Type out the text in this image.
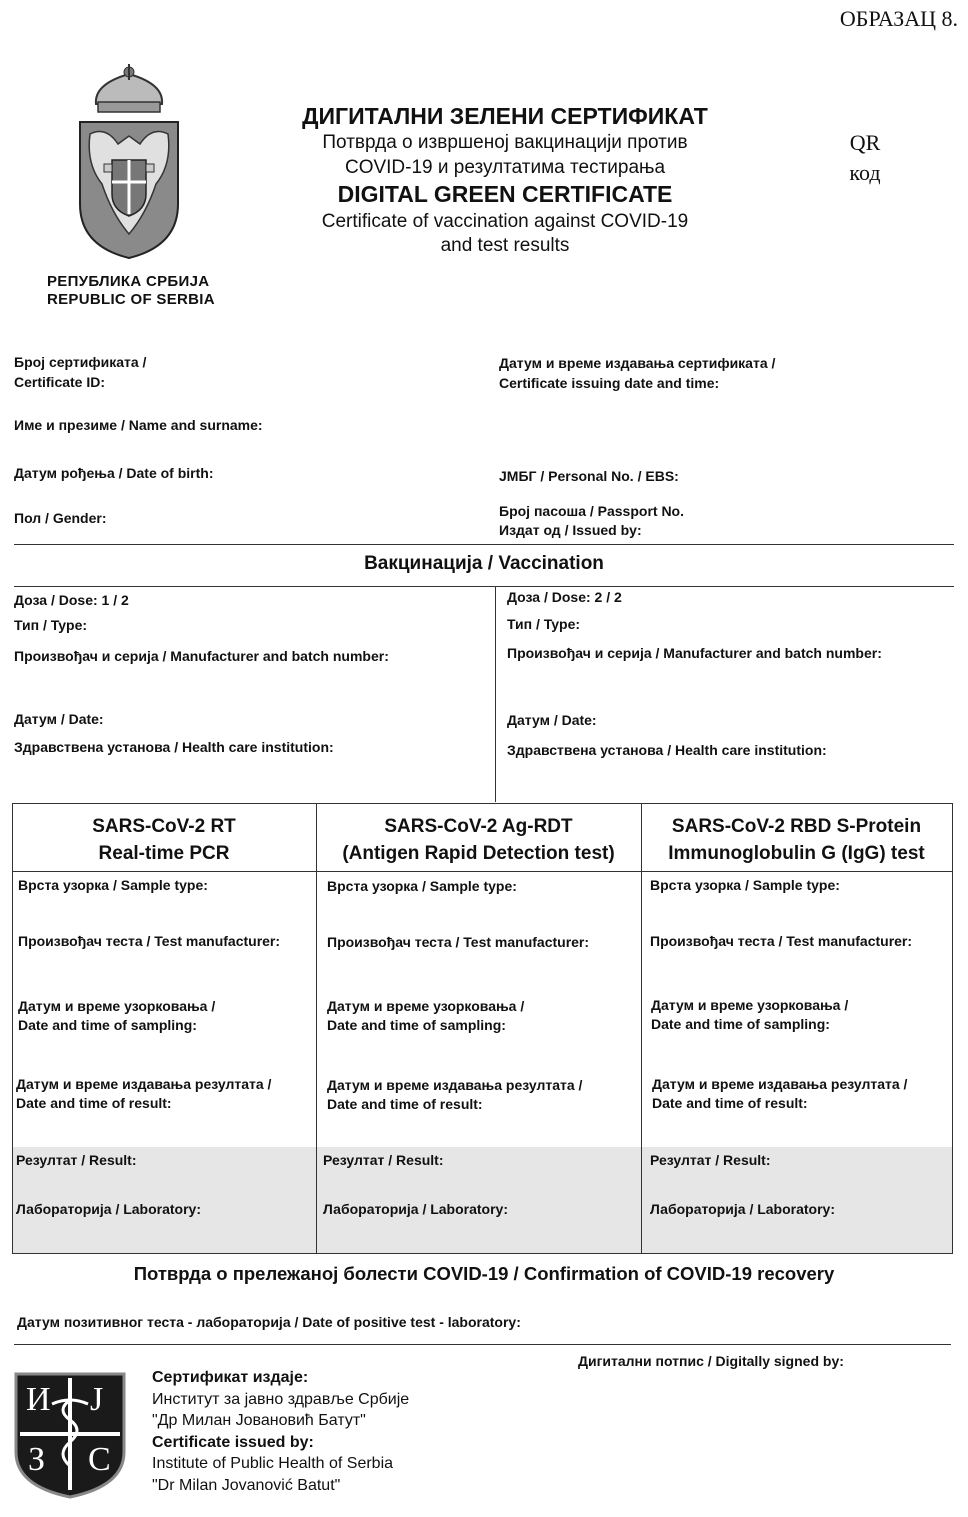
ОБРАЗАЦ 8.
РЕПУБЛИКА СРБИЈА
REPUBLIC OF SERBIA
ДИГИТАЛНИ ЗЕЛЕНИ СЕРТИФИКАТ
Потврда о извршеној вакцинацији против
COVID-19 и резултатима тестирања
DIGITAL GREEN CERTIFICATE
Certificate of vaccination against COVID-19
and test results
QR
код
Број сертификата /
Certificate ID:
Датум и време издавања сертификата /
Certificate issuing date and time:
Име и презиме / Name and surname:
Датум рођења / Date of birth:	ЈМБГ / Personal No. / EBS:
Пол / Gender:	Број пасоша / Passport No.
Издат од / Issued by:
Вакцинација / Vaccination
Доза / Dose: 1 / 2
Тип / Type:
Произвођач и серија / Manufacturer and batch number:
Датум / Date:
Здравствена установа / Health care institution:
Доза / Dose: 2 / 2
Тип / Type:
Произвођач и серија / Manufacturer and batch number:
Датум / Date:
Здравствена установа / Health care institution:
SARS-CoV-2 RT
Real-time PCR
SARS-CoV-2 Ag-RDT
(Antigen Rapid Detection test)
SARS-CoV-2 RBD S-Protein
Immunoglobulin G (IgG) test
Врста узорка / Sample type:
Произвођач теста / Test manufacturer:
Датум и време узорковања /
Date and time of sampling:
Датум и време издавања резултата /
Date and time of result:
Резултат / Result:
Лабораторија / Laboratory:
Врста узорка / Sample type:
Произвођач теста / Test manufacturer:
Датум и време узорковања /
Date and time of sampling:
Датум и време издавања резултата /
Date and time of result:
Резултат / Result:
Лабораторија / Laboratory:
Врста узорка / Sample type:
Произвођач теста / Test manufacturer:
Датум и време узорковања /
Date and time of sampling:
Датум и време издавања резултата /
Date and time of result:
Резултат / Result:
Лабораторија / Laboratory:
Потврда о прележаној болести COVID-19 / Confirmation of COVID-19 recovery
Датум позитивног теста - лабораторија / Date of positive test - laboratory:
И J
З С
Сертификат издаје:
Институт за јавно здравље Србије
"Др Милан Јовановић Батут"
Certificate issued by:
Institute of Public Health of Serbia
"Dr Milan Jovanović Batut"
Дигитални потпис / Digitally signed by:
